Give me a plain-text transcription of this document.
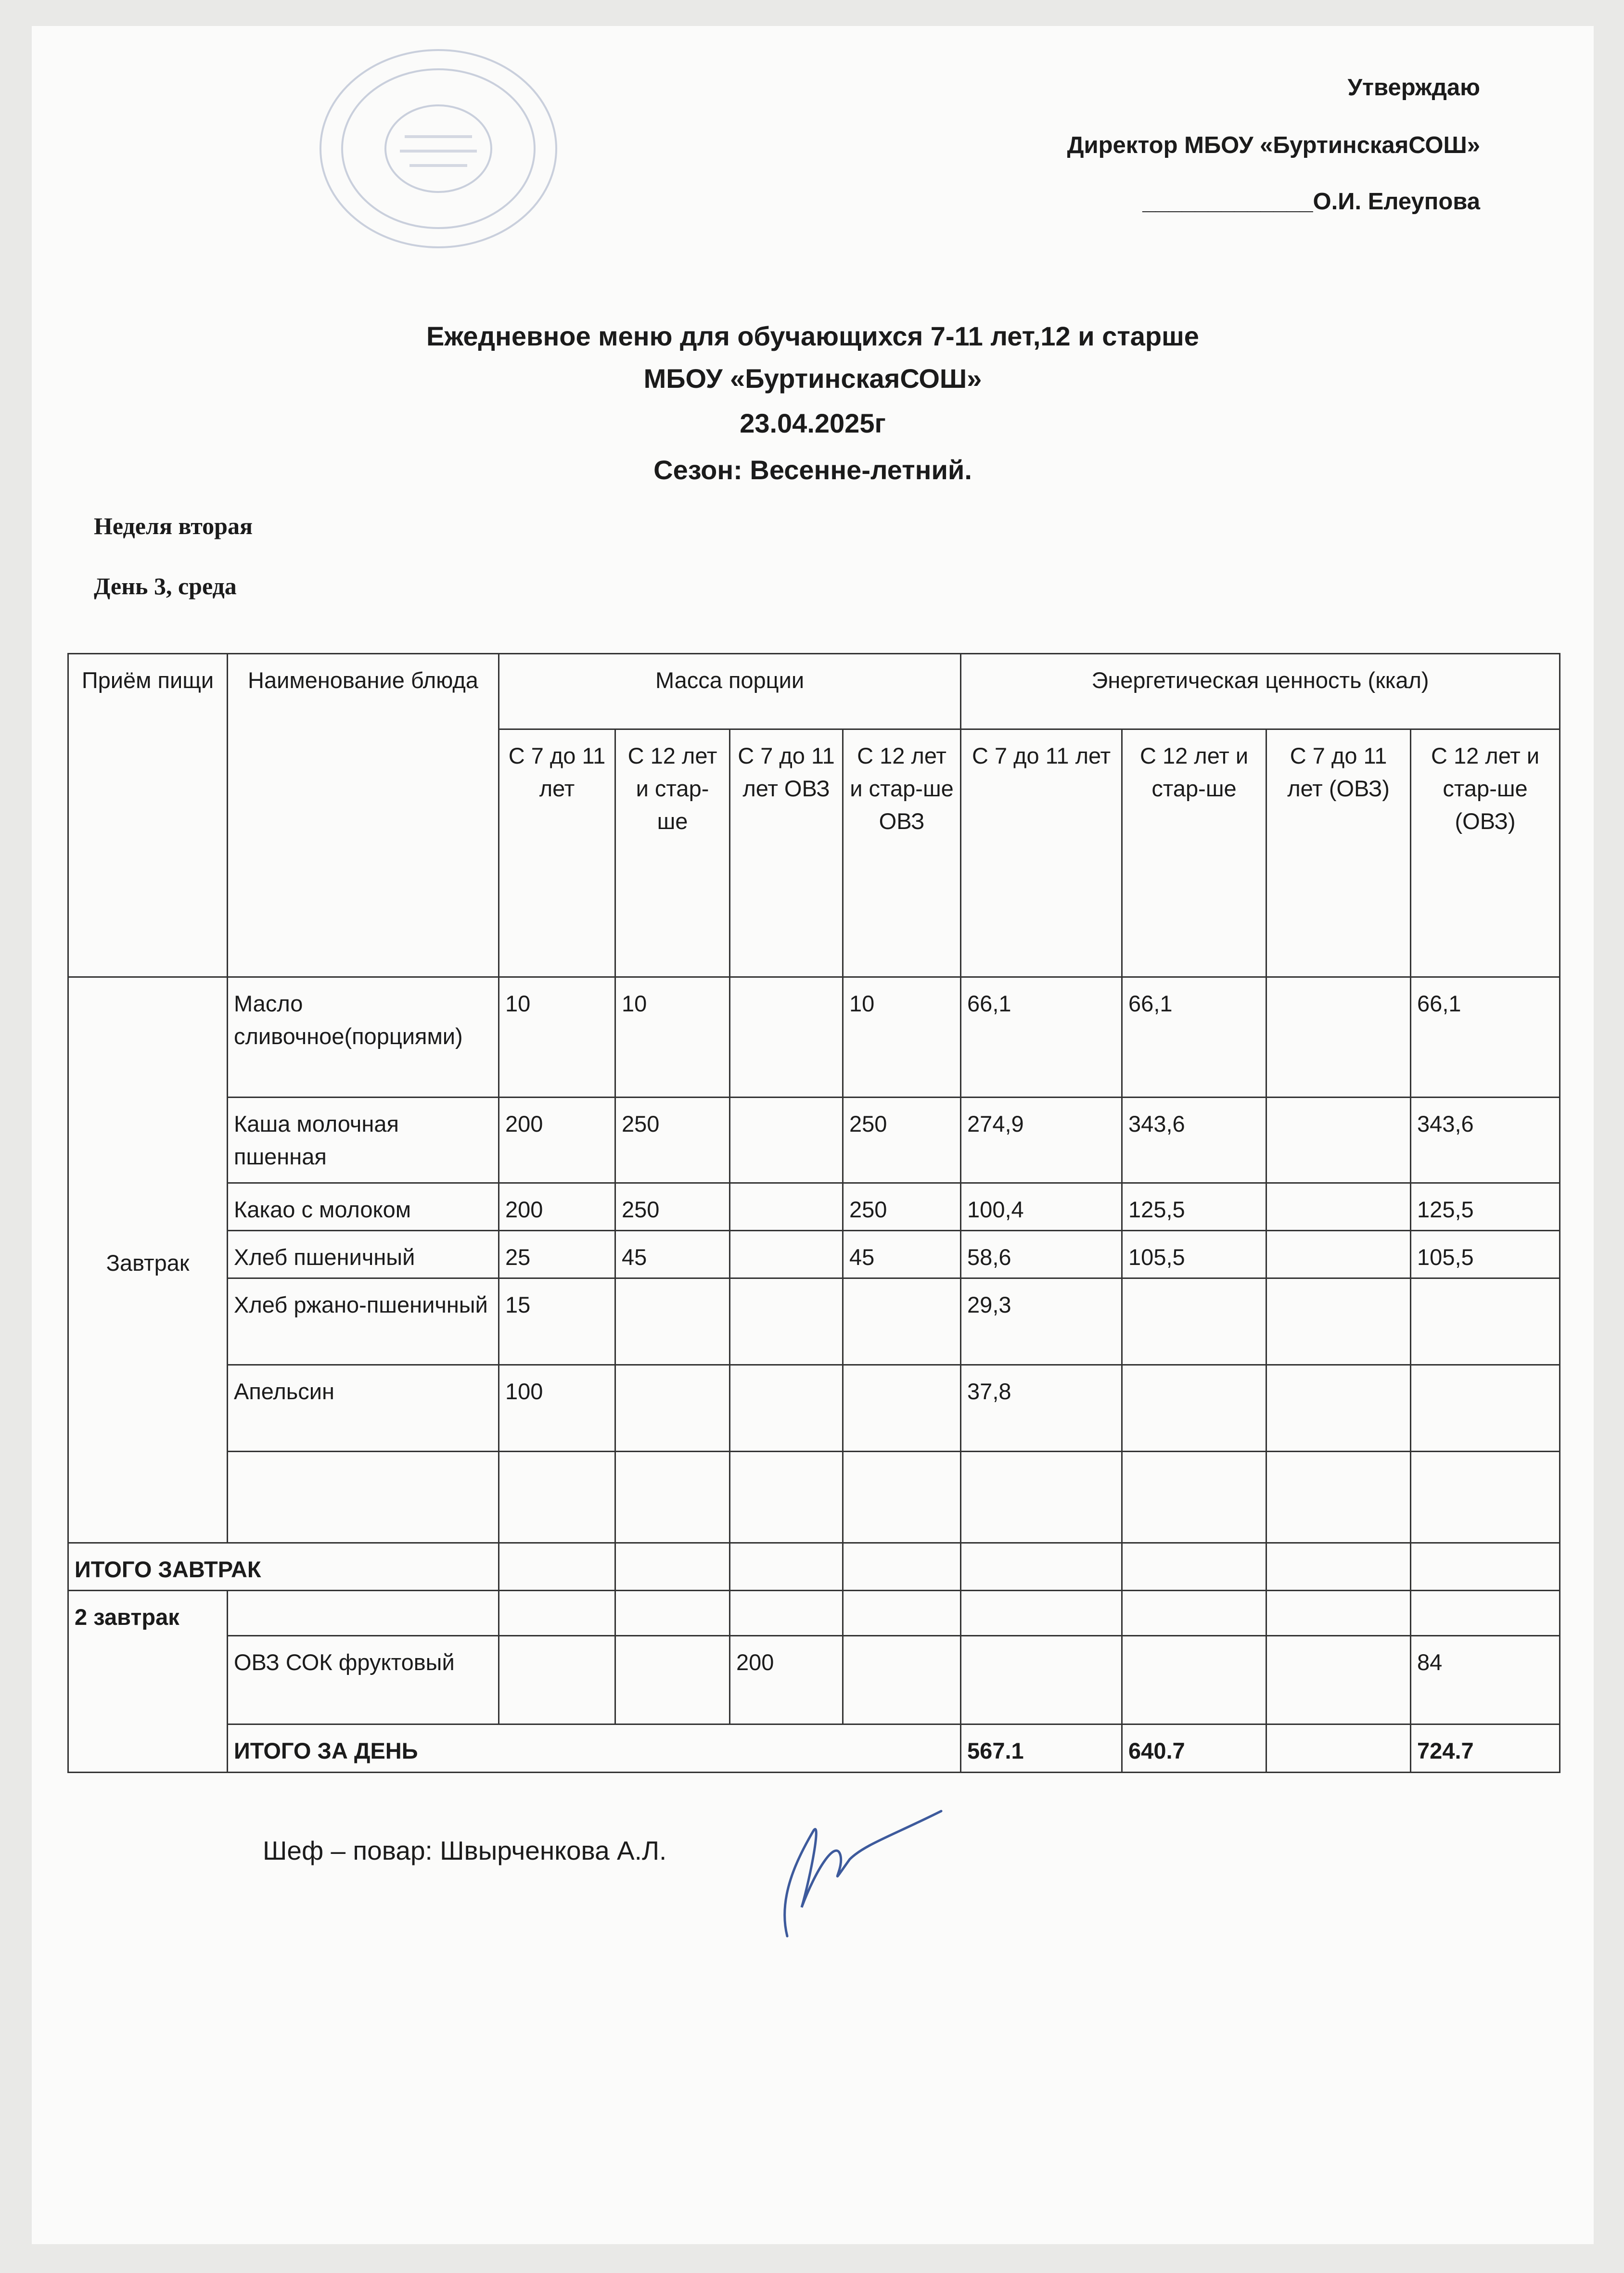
Утверждаю
Директор МБОУ «БуртинскаяСОШ»
_____________О.И. Елеупова
Ежедневное меню для обучающихся 7-11 лет,12 и старше
МБОУ «БуртинскаяСОШ»
23.04.2025г
Сезон: Весенне-летний.
Неделя вторая
День 3, среда
Приём пищи	Наименование блюда	Масса порции				Энергетическая ценность (ккал)			
		С 7 до 11 лет	С 12 лет и стар-ше	С 7 до 11 лет ОВЗ	С 12 лет и стар-ше ОВЗ	С 7 до 11 лет	С 12 лет и стар-ше	С 7 до 11 лет (ОВЗ)	С 12 лет и стар-ше (ОВЗ)
Завтрак	Масло сливочное(порциями)	10	10		10	66,1	66,1		66,1
	Каша молочная пшенная	200	250		250	274,9	343,6		343,6
	Какао с молоком	200	250		250	100,4	125,5		125,5
	Хлеб пшеничный	25	45		45	58,6	105,5		105,5
	Хлеб ржано-пшеничный	15				29,3			
	Апельсин	100				37,8			

ИТОГО ЗАВТРАК									
2 завтрак									
	ОВЗ СОК фруктовый			200					84
	ИТОГО ЗА ДЕНЬ					567.1	640.7		724.7
Шеф – повар: Швырченкова А.Л.
